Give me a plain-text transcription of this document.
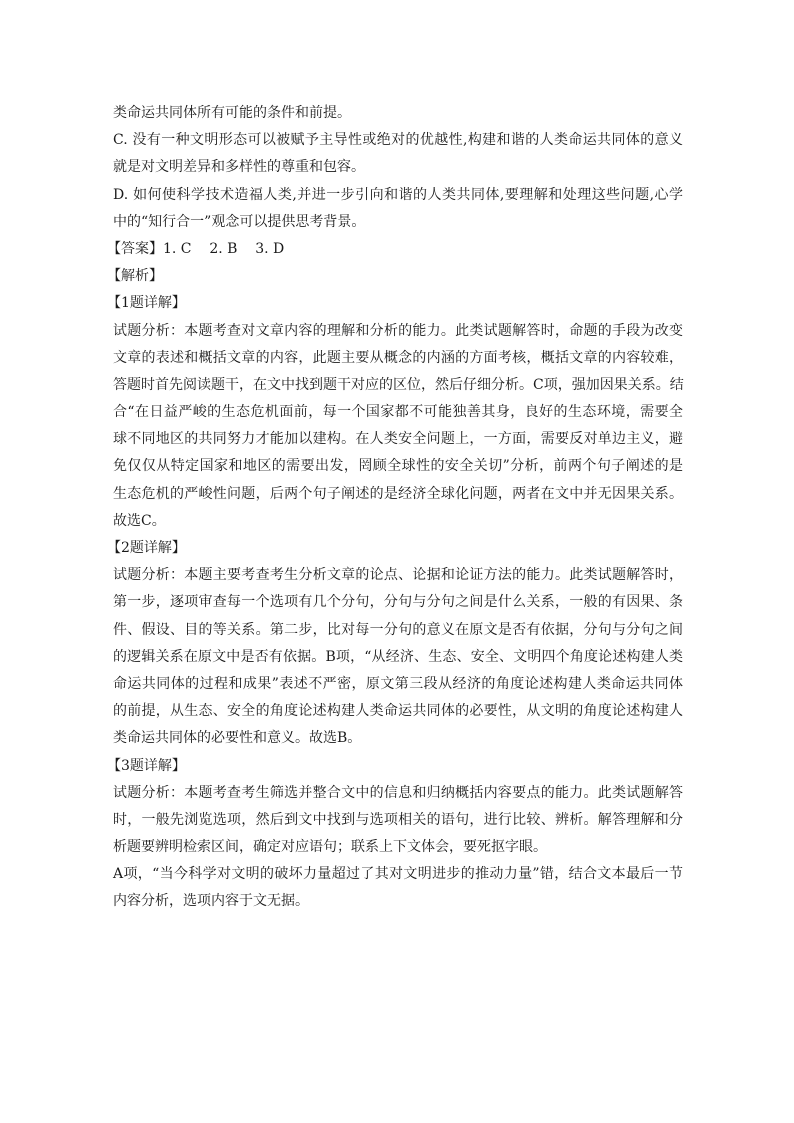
类命运共同体所有可能的条件和前提。
C. 没有一种文明形态可以被赋予主导性或绝对的优越性,构建和谐的人类命运共同体的意义
就是对文明差异和多样性的尊重和包容。
D. 如何使科学技术造福人类,并进一步引向和谐的人类共同体,要理解和处理这些问题,心学
中的“知行合一”观念可以提供思考背景。
【答案】1. C    2. B    3. D
【解析】
【1题详解】
试题分析：本题考查对文章内容的理解和分析的能力。此类试题解答时，命题的手段为改变
文章的表述和概括文章的内容，此题主要从概念的内涵的方面考核，概括文章的内容较难，
答题时首先阅读题干，在文中找到题干对应的区位，然后仔细分析。C项，强加因果关系。结
合“在日益严峻的生态危机面前，每一个国家都不可能独善其身，良好的生态环境，需要全
球不同地区的共同努力才能加以建构。在人类安全问题上，一方面，需要反对单边主义，避
免仅仅从特定国家和地区的需要出发，罔顾全球性的安全关切”分析，前两个句子阐述的是
生态危机的严峻性问题，后两个句子阐述的是经济全球化问题，两者在文中并无因果关系。
故选C。
【2题详解】
试题分析：本题主要考查考生分析文章的论点、论据和论证方法的能力。此类试题解答时，
第一步，逐项审查每一个选项有几个分句，分句与分句之间是什么关系，一般的有因果、条
件、假设、目的等关系。第二步，比对每一分句的意义在原文是否有依据，分句与分句之间
的逻辑关系在原文中是否有依据。B项，“从经济、生态、安全、文明四个角度论述构建人类
命运共同体的过程和成果”表述不严密，原文第三段从经济的角度论述构建人类命运共同体
的前提，从生态、安全的角度论述构建人类命运共同体的必要性，从文明的角度论述构建人
类命运共同体的必要性和意义。故选B。
【3题详解】
试题分析：本题考查考生筛选并整合文中的信息和归纳概括内容要点的能力。此类试题解答
时，一般先浏览选项，然后到文中找到与选项相关的语句，进行比较、辨析。解答理解和分
析题要辨明检索区间，确定对应语句；联系上下文体会，要死抠字眼。
A项，“当今科学对文明的破坏力量超过了其对文明进步的推动力量”错，结合文本最后一节
内容分析，选项内容于文无据。
